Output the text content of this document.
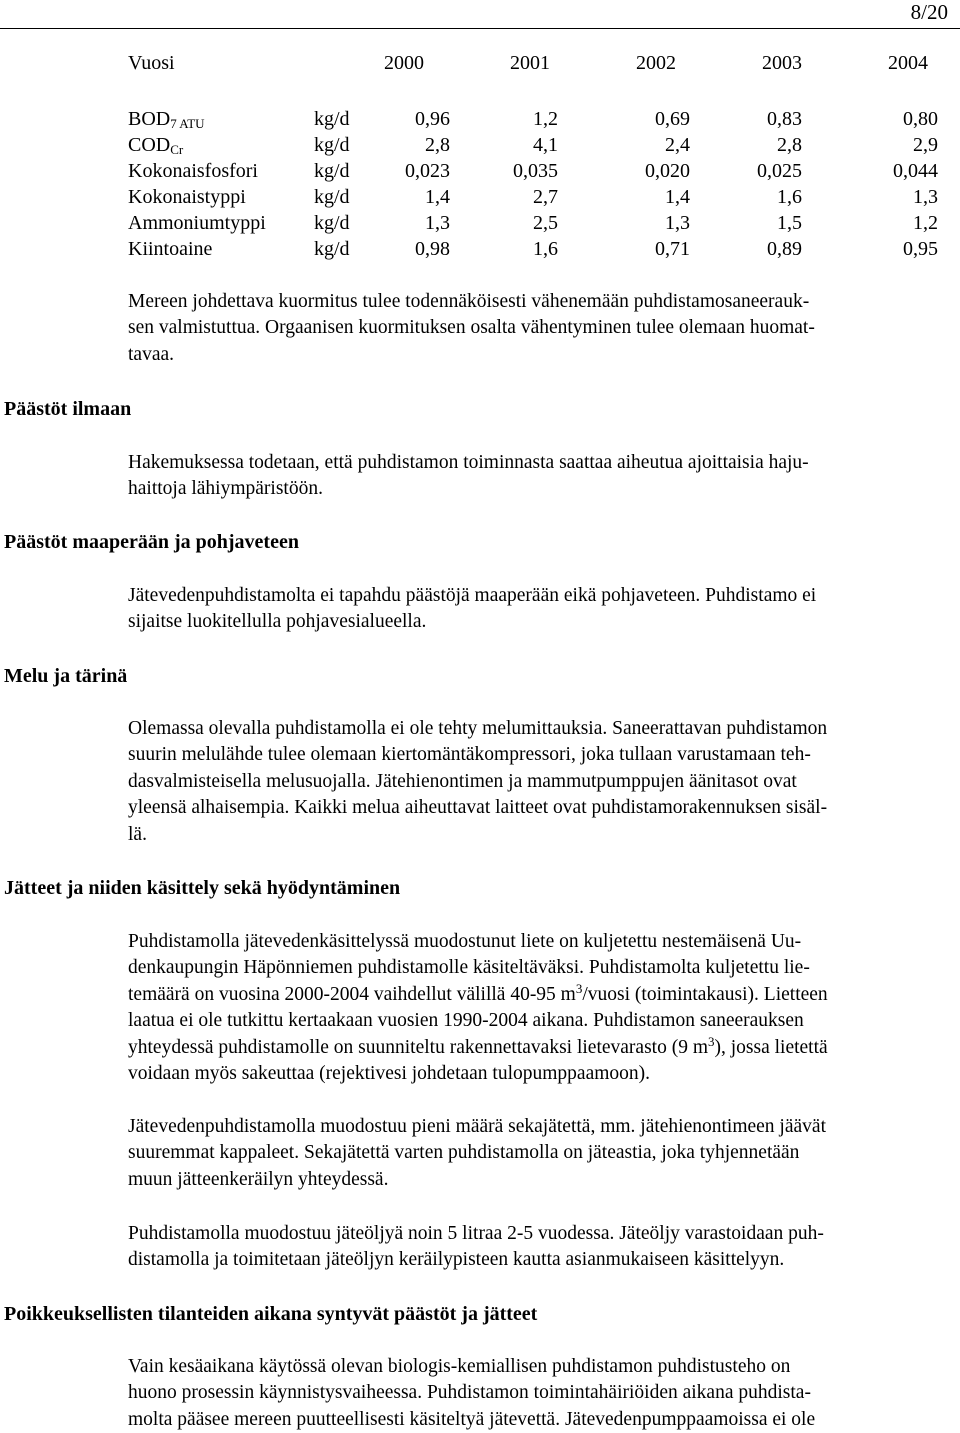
8/20
Vuosi	2000	2001	2002	2003	2004
$BOD_{7 ATU}$	kg/d	0,96	1,2	0,69	0,83	0,80
$COD_{Cr}$	kg/d	2,8	4,1	2,4	2,8	2,9
Kokonaisfosfori	kg/d	0,023	0,035	0,020	0,025	0,044
Kokonaistyppi	kg/d	1,4	2,7	1,4	1,6	1,3
Ammoniumtyppi kg/d	1,3	2,5	1,3	1,5	1,2
Kiintoaine	kg/d	0,98	1,6	0,71	0,89	0,95

Mereen johdettava kuormitus tulee todennäköisesti vähenemään puhdistamosaneerauk-

sen valmistuttua. Orgaanisen kuormituksen osalta vähentyminen tulee olemaan huomat-

tavaa.

Päästöt ilmaan

Hakemuksessa todetaan, että puhdistamon toiminnasta saattaa aiheutua ajoittaisia haju-

haittoja lähiympäristöön.

Päästöt maaperään ja pohjaveteen

Jätevedenpuhdistamolta ei tapahdu päästöjä maaperään eikä pohjaveteen. Puhdistamo ei

sijaitse luokitellulla pohjavesialueella.

Melu ja tärinä

Olemassa olevalla puhdistamolla ei ole tehty melumittauksia. Saneerattavan puhdistamon

suurin melulähde tulee olemaan kiertomäntäkompressori, joka tullaan varustamaan teh-

dasvalmisteisella melusuojalla. Jätehienontimen ja mammutpumppujen äänitasot ovat

yleensä alhaisempia. Kaikki melua aiheuttavat laitteet ovat puhdistamorakennuksen sisäl-

lä.

Jätteet ja niiden käsittely sekä hyödyntäminen

Puhdistamolla jätevedenkäsittelyssä muodostunut liete on kuljetettu nestemäisenä Uu-

denkaupungin Häpönniemen puhdistamolle käsiteltäväksi. Puhdistamolta kuljetettu lie-

temäärä on vuosina 2000-2004 vaihdellut välillä 40-95 $m^3$/vuosi (toimintakausi). Lietteen

laatua ei ole tutkittu kertaakaan vuosien 1990-2004 aikana. Puhdistamon saneerauksen

yhteydessä puhdistamolle on suunniteltu rakennettavaksi lietevarasto (9 $m^3$), jossa lietettä

voidaan myös sakeuttaa (rejektivesi johdetaan tulopumppaamoon).

Jätevedenpuhdistamolla muodostuu pieni määrä sekajätettä, mm. jätehienontimeen jäävät

suuremmat kappaleet. Sekajätettä varten puhdistamolla on jäteastia, joka tyhjennetään

muun jätteenkeräilyn yhteydessä.

Puhdistamolla muodostuu jäteöljyä noin 5 litraa 2-5 vuodessa. Jäteöljy varastoidaan puh-

distamolla ja toimitetaan jäteöljyn keräilypisteen kautta asianmukaiseen käsittelyyn.

Poikkeuksellisten tilanteiden aikana syntyvät päästöt ja jätteet

Vain kesäaikana käytössä olevan biologis-kemiallisen puhdistamon puhdistusteho on

huono prosessin käynnistysvaiheessa. Puhdistamon toimintahäiriöiden aikana puhdista-

molta pääsee mereen puutteellisesti käsiteltyä jätevettä. Jätevedenpumppaamoissa ei ole
